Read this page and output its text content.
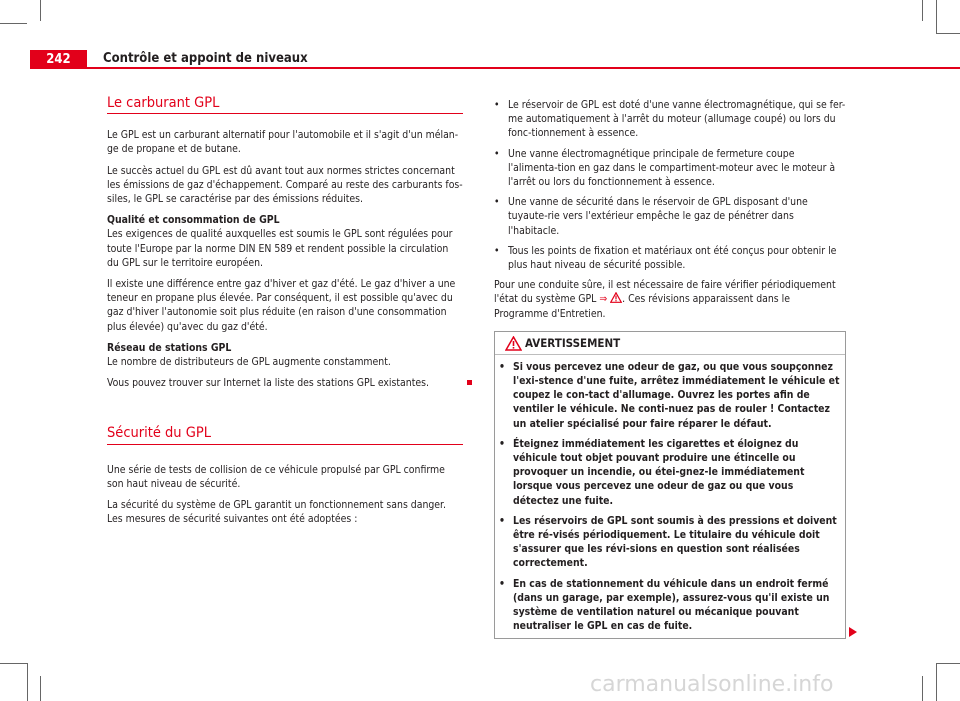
242	Contrôle et appoint de niveaux
Le carburant GPL

Le GPL est un carburant alternatif pour l'automobile et il s'agit d'un mélan-ge de propane et de butane.

Le succès actuel du GPL est dû avant tout aux normes strictes concernant les émissions de gaz d'échappement. Comparé au reste des carburants fos-siles, le GPL se caractérise par des émissions réduites.

Qualité et consommation de GPL

Les exigences de qualité auxquelles est soumis le GPL sont régulées pour toute l'Europe par la norme DIN EN 589 et rendent possible la circulation du GPL sur le territoire européen.

Il existe une différence entre gaz d'hiver et gaz d'été. Le gaz d'hiver a une teneur en propane plus élevée. Par conséquent, il est possible qu'avec du gaz d'hiver l'autonomie soit plus réduite (en raison d'une consommation plus élevée) qu'avec du gaz d'été.

Réseau de stations GPL

Le nombre de distributeurs de GPL augmente constamment.

Vous pouvez trouver sur Internet la liste des stations GPL existantes.

Sécurité du GPL

Une série de tests de collision de ce véhicule propulsé par GPL confirme son haut niveau de sécurité.

La sécurité du système de GPL garantit un fonctionnement sans danger. Les mesures de sécurité suivantes ont été adoptées :

• Le réservoir de GPL est doté d'une vanne électromagnétique, qui se fer-me automatiquement à l'arrêt du moteur (allumage coupé) ou lors du fonc-tionnement à essence.
• Une vanne électromagnétique principale de fermeture coupe l'alimenta-tion en gaz dans le compartiment-moteur avec le moteur à l'arrêt ou lors du fonctionnement à essence.
• Une vanne de sécurité dans le réservoir de GPL disposant d'une tuyaute-rie vers l'extérieur empêche le gaz de pénétrer dans l'habitacle.
• Tous les points de fixation et matériaux ont été conçus pour obtenir le plus haut niveau de sécurité possible.

Pour une conduite sûre, il est nécessaire de faire vérifier périodiquement l'état du système GPL ⇒ . Ces révisions apparaissent dans le Programme d'Entretien.

AVERTISSEMENT
• Si vous percevez une odeur de gaz, ou que vous soupçonnez l'exi-stence d'une fuite, arrêtez immédiatement le véhicule et coupez le con-tact d'allumage. Ouvrez les portes afin de ventiler le véhicule. Ne conti-nuez pas de rouler ! Contactez un atelier spécialisé pour faire réparer le défaut.
• Éteignez immédiatement les cigarettes et éloignez du véhicule tout objet pouvant produire une étincelle ou provoquer un incendie, ou étei-gnez-le immédiatement lorsque vous percevez une odeur de gaz ou que vous détectez une fuite.
• Les réservoirs de GPL sont soumis à des pressions et doivent être ré-visés périodiquement. Le titulaire du véhicule doit s'assurer que les révi-sions en question sont réalisées correctement.
• En cas de stationnement du véhicule dans un endroit fermé (dans un garage, par exemple), assurez-vous qu'il existe un système de ventilation naturel ou mécanique pouvant neutraliser le GPL en cas de fuite.
carmanualsonline.info
